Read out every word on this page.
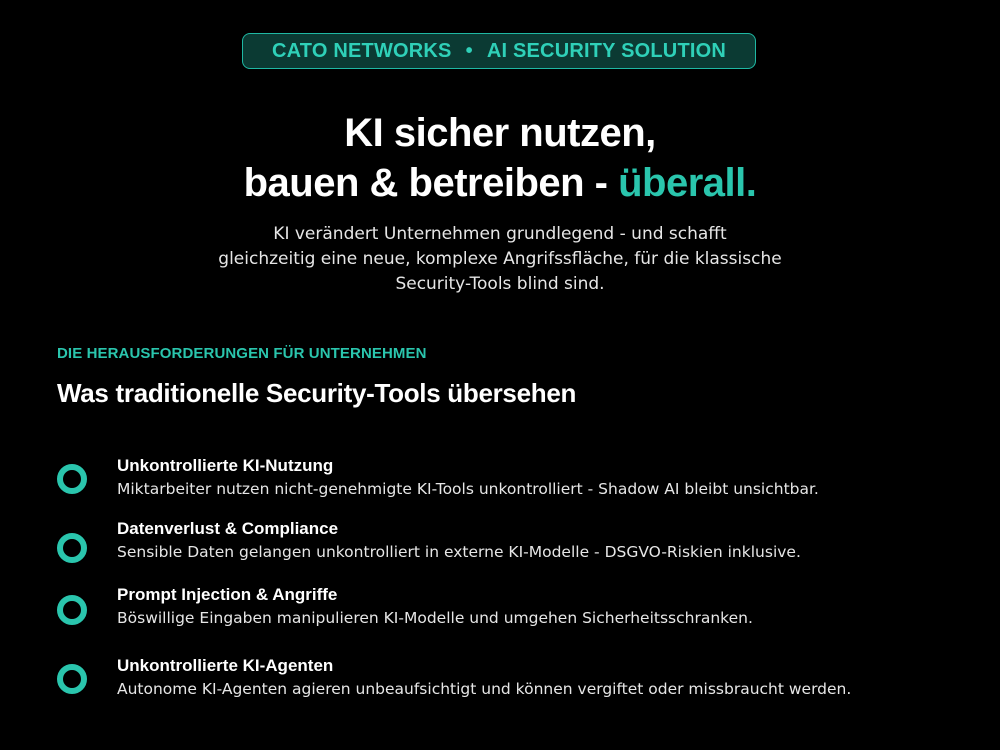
CATO NETWORKS • AI SECURITY SOLUTION
KI sicher nutzen,
bauen & betreiben - überall.
KI verändert Unternehmen grundlegend - und schafft
gleichzeitig eine neue, komplexe Angrifssfläche, für die klassische
Security-Tools blind sind.
DIE HERAUSFORDERUNGEN FÜR UNTERNEHMEN
Was traditionelle Security-Tools übersehen
Unkontrollierte KI-Nutzung
Miktarbeiter nutzen nicht-genehmigte KI-Tools unkontrolliert - Shadow AI bleibt unsichtbar.
Datenverlust & Compliance
Sensible Daten gelangen unkontrolliert in externe KI-Modelle - DSGVO-Riskien inklusive.
Prompt Injection & Angriffe
Böswillige Eingaben manipulieren KI-Modelle und umgehen Sicherheitsschranken.
Unkontrollierte KI-Agenten
Autonome KI-Agenten agieren unbeaufsichtigt und können vergiftet oder missbraucht werden.
